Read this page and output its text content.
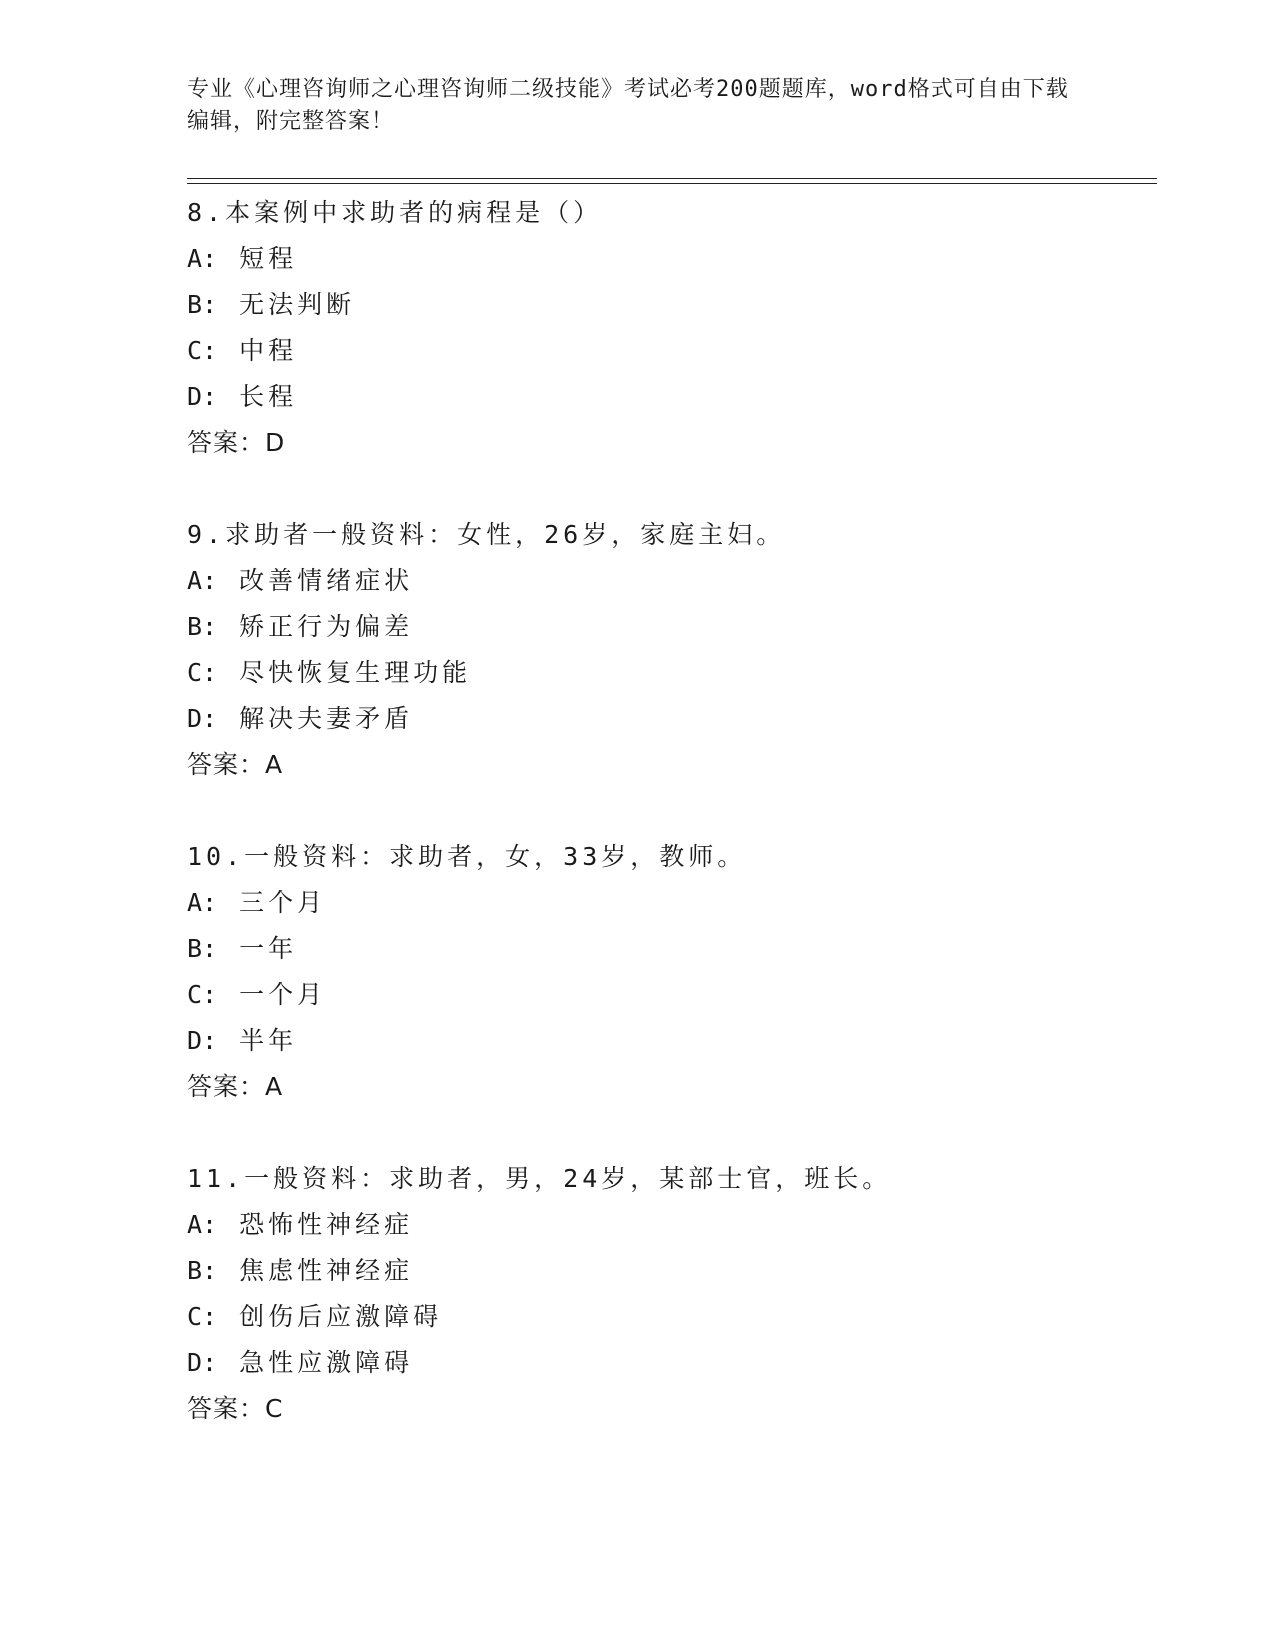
专业《心理咨询师之心理咨询师二级技能》考试必考200题题库，word格式可自由下载编辑，附完整答案！
8.本案例中求助者的病程是（）
A: 短程
B: 无法判断
C: 中程
D: 长程
答案：D
9.求助者一般资料：女性，26岁，家庭主妇。
A: 改善情绪症状
B: 矫正行为偏差
C: 尽快恢复生理功能
D: 解决夫妻矛盾
答案：A
10.一般资料：求助者，女，33岁，教师。
A: 三个月
B: 一年
C: 一个月
D: 半年
答案：A
11.一般资料：求助者，男，24岁，某部士官，班长。
A: 恐怖性神经症
B: 焦虑性神经症
C: 创伤后应激障碍
D: 急性应激障碍
答案：C
